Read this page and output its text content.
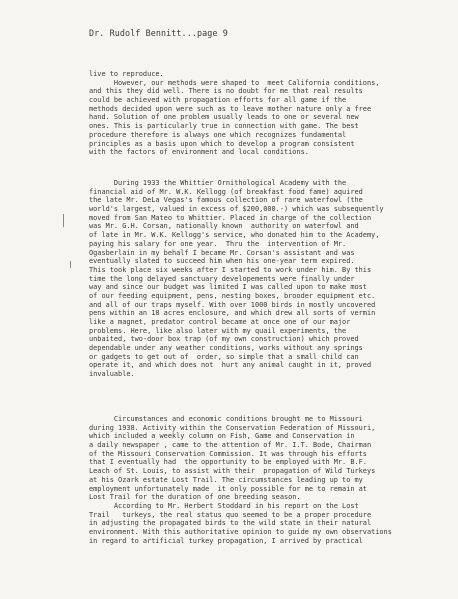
Dr. Rudolf Bennitt...page 9
live to reproduce.
However, our methods were shaped to  meet California conditions,
and this they did well. There is no doubt for me that real results
could be achieved with propagation efforts for all game if the
methods decided upon were such as to leave mother nature only a free
hand. Solution of one problem usually leads to one or several new
ones. This is particularly true in connection with game. The best
procedure therefore is always one which recognizes fundamental
principles as a basis upon which to develop a program consistent
with the factors of environment and local conditions.
During 1933 the Whittier Ornithological Academy with the
financial aid of Mr. W.K. Kellogg (of breakfast food fame) aquired
the late Mr. DeLa Vegas's famous collection of rare waterfowl (the
world's largest, valued in excess of $200,000.-) which was subsequently
moved from San Mateo to Whittier. Placed in charge of the collection
was Mr. G.H. Corsan, nationally known  authority on waterfowl and
of late in Mr. W.K. Kellogg's service, who donated him to the Academy,
paying his salary for one year.  Thru the  intervention of Mr.
Ogasberlain in my behalf I became Mr. Corsan's assistant and was
eventually slated to succeed him when his one-year term expired.
This took place six weeks after I started to work under him. By this
time the long delayed sanctuary developements were finally under
way and since our budget was limited I was called upon to make most
of our feeding equipment, pens, nesting boxes, brooder equipment etc.
and all of our traps myself. With over 1000 birds in mostly uncovered
pens within an 18 acres enclosure, and which drew all sorts of vermin
like a magnet, predator control became at once one of our major
problems. Here, like also later with my quail experiments, the
unbaited, two-door box trap (of my own construction) which proved
dependable under any weather conditions, works without any springs
or gadgets to get out of  order, so simple that a small child can
operate it, and which does not  hurt any animal caught in it, proved
invaluable.
Circumstances and economic conditions brought me to Missouri
during 1938. Activity within the Conservation Federation of Missouri,
which included a weekly column on Fish, Game and Conservation in
a daily newspaper , came to the attention of Mr. I.T. Bode, Chairman
of the Missouri Conservation Commission. It was through his efforts
that I eventually had  the opportunity to be employed with Mr. B.F.
Leach of St. Louis, to assist with their  propagation of Wild Turkeys
at his Ozark estate Lost Trail. The circumstances leading up to my
employment unfortunately made  it only possible for me to remain at
Lost Trail for the duration of one breeding season.
According to Mr. Herbert Stoddard in his report on the Lost
Trail   turkeys, the real status quo seemed to be a proper procedure
in adjusting the propagated birds to the wild state in their natural
environment. With this authoritative opinion to guide my own observations
in regard to artificial turkey propagation, I arrived by practical
